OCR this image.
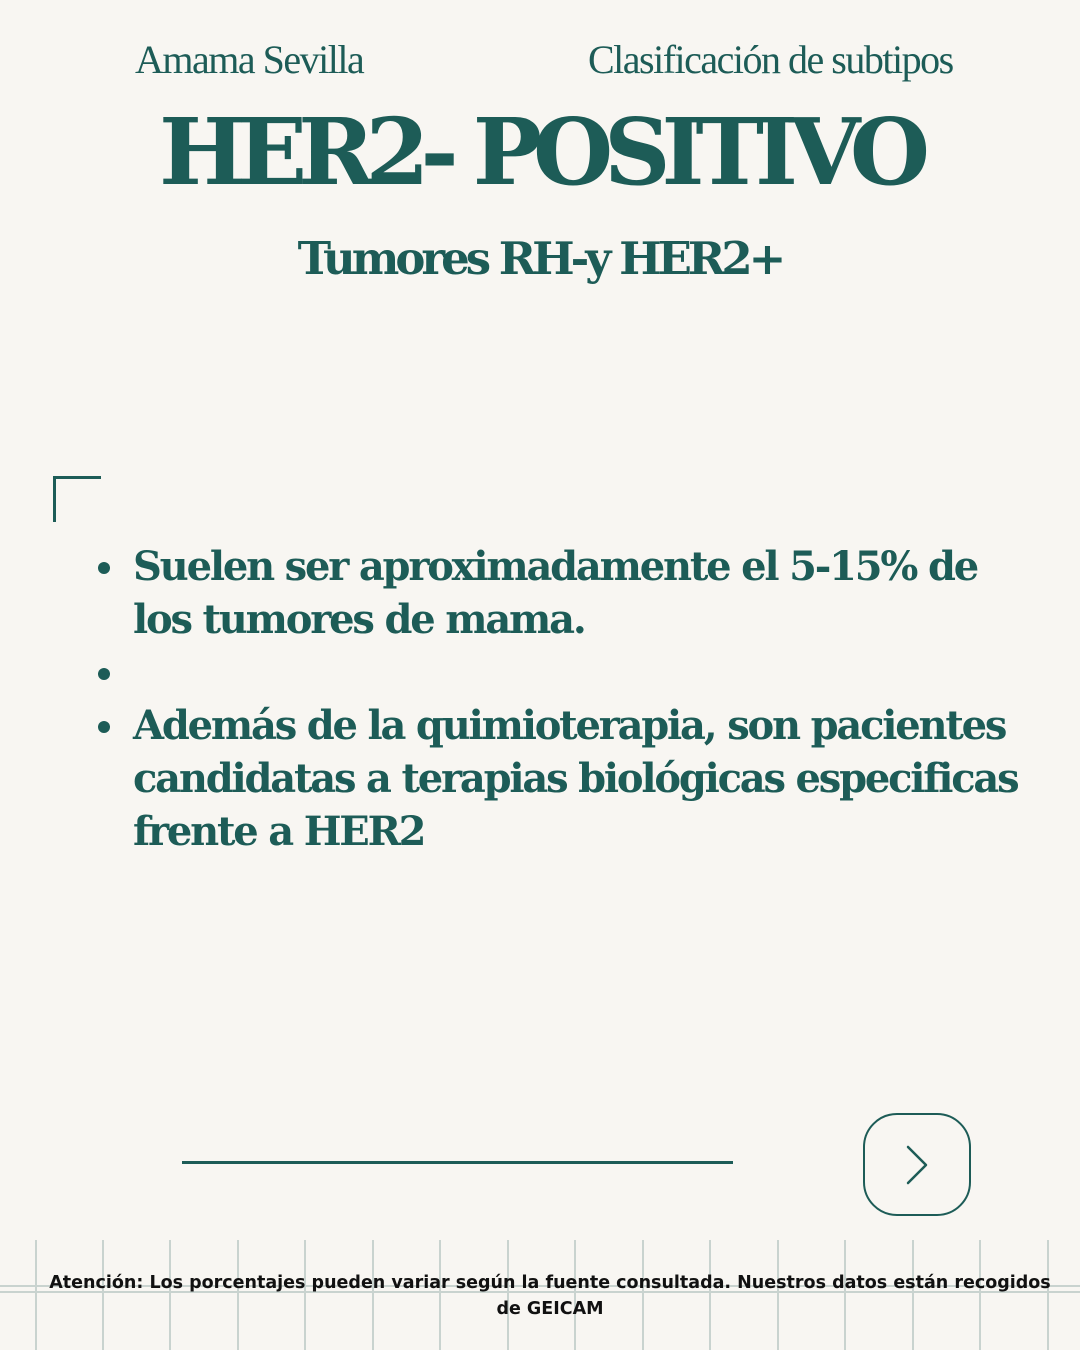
Amama Sevilla	Clasificación de subtipos
HER2- POSITIVO
Tumores RH-y HER2+
Suelen ser aproximadamente el 5-15% de los tumores de mama.
Además de la quimioterapia, son pacientes candidatas a terapias biológicas especificas frente a HER2
Atención: Los porcentajes pueden variar según la fuente consultada. Nuestros datos están recogidos de GEICAM
